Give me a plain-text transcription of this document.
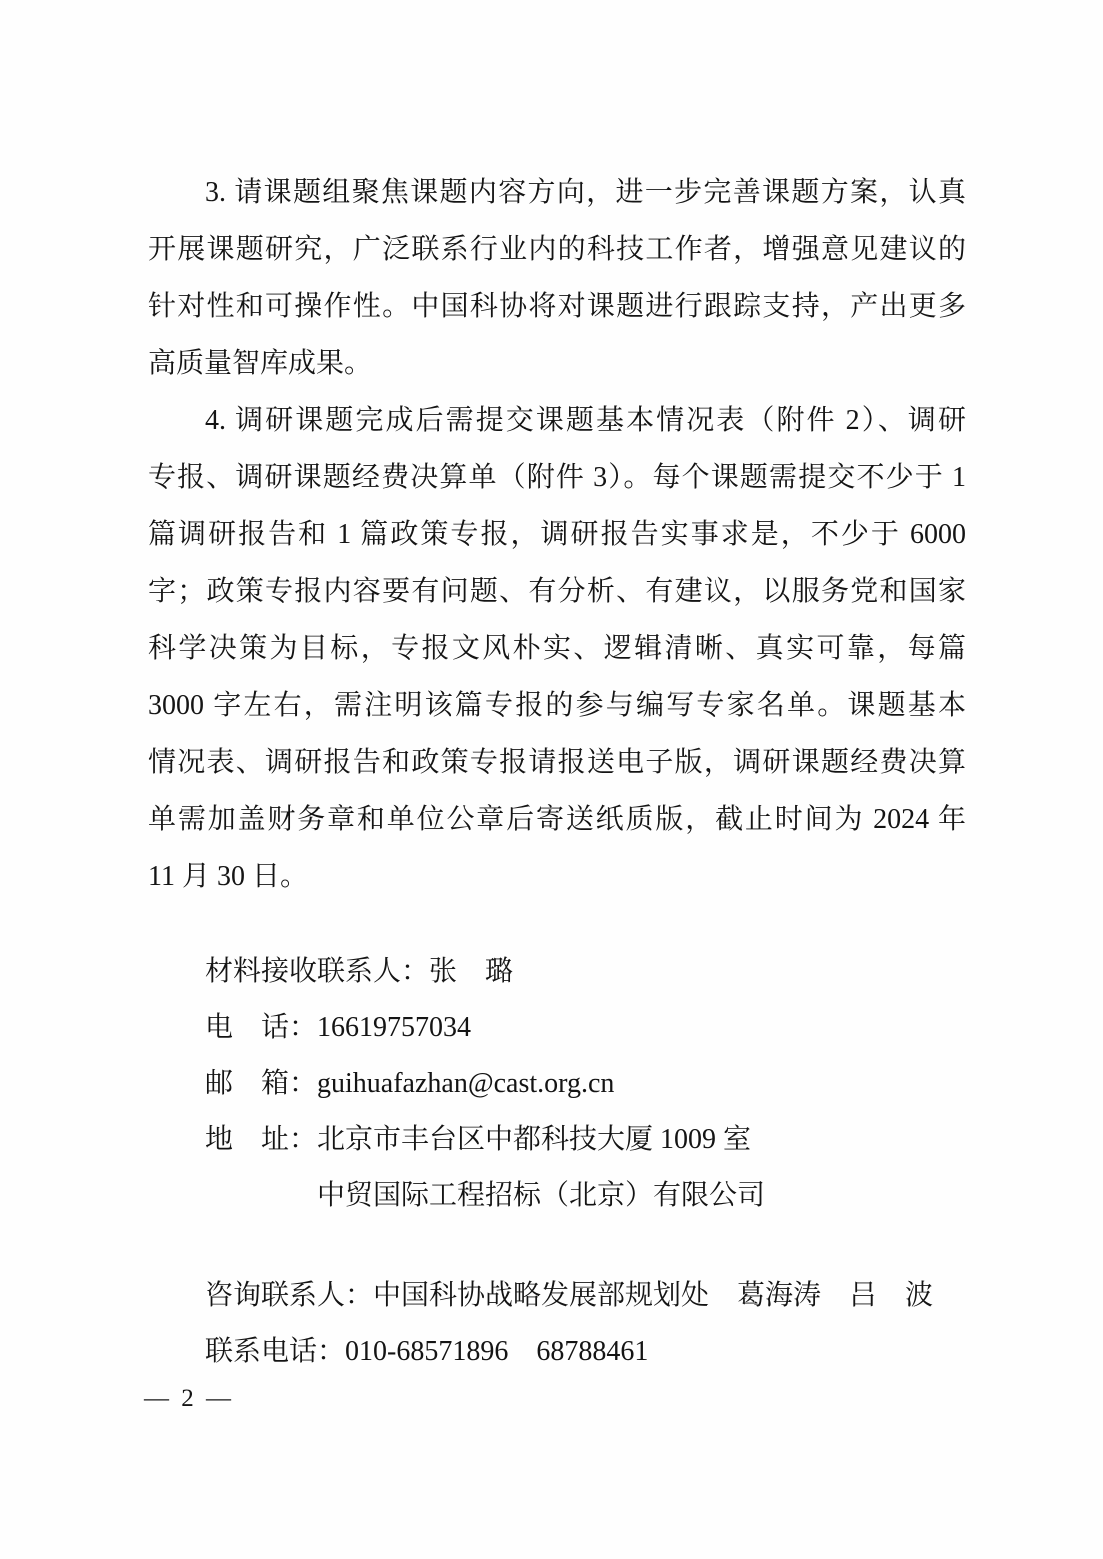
3. 请课题组聚焦课题内容方向，进一步完善课题方案，认真
开展课题研究，广泛联系行业内的科技工作者，增强意见建议的
针对性和可操作性。中国科协将对课题进行跟踪支持，产出更多
高质量智库成果。
4. 调研课题完成后需提交课题基本情况表（附件 2）、调研
专报、调研课题经费决算单（附件 3）。每个课题需提交不少于 1
篇调研报告和 1 篇政策专报，调研报告实事求是，不少于 6000
字；政策专报内容要有问题、有分析、有建议，以服务党和国家
科学决策为目标，专报文风朴实、逻辑清晰、真实可靠，每篇
3000 字左右，需注明该篇专报的参与编写专家名单。课题基本
情况表、调研报告和政策专报请报送电子版，调研课题经费决算
单需加盖财务章和单位公章后寄送纸质版，截止时间为 2024 年
11 月 30 日。
材料接收联系人：张　璐
电　话：16619757034
邮　箱：guihuafazhan@cast.org.cn
地　址：北京市丰台区中都科技大厦 1009 室
中贸国际工程招标（北京）有限公司
咨询联系人：中国科协战略发展部规划处　葛海涛　吕　波
联系电话：010-68571896　68788461
— 2 —
